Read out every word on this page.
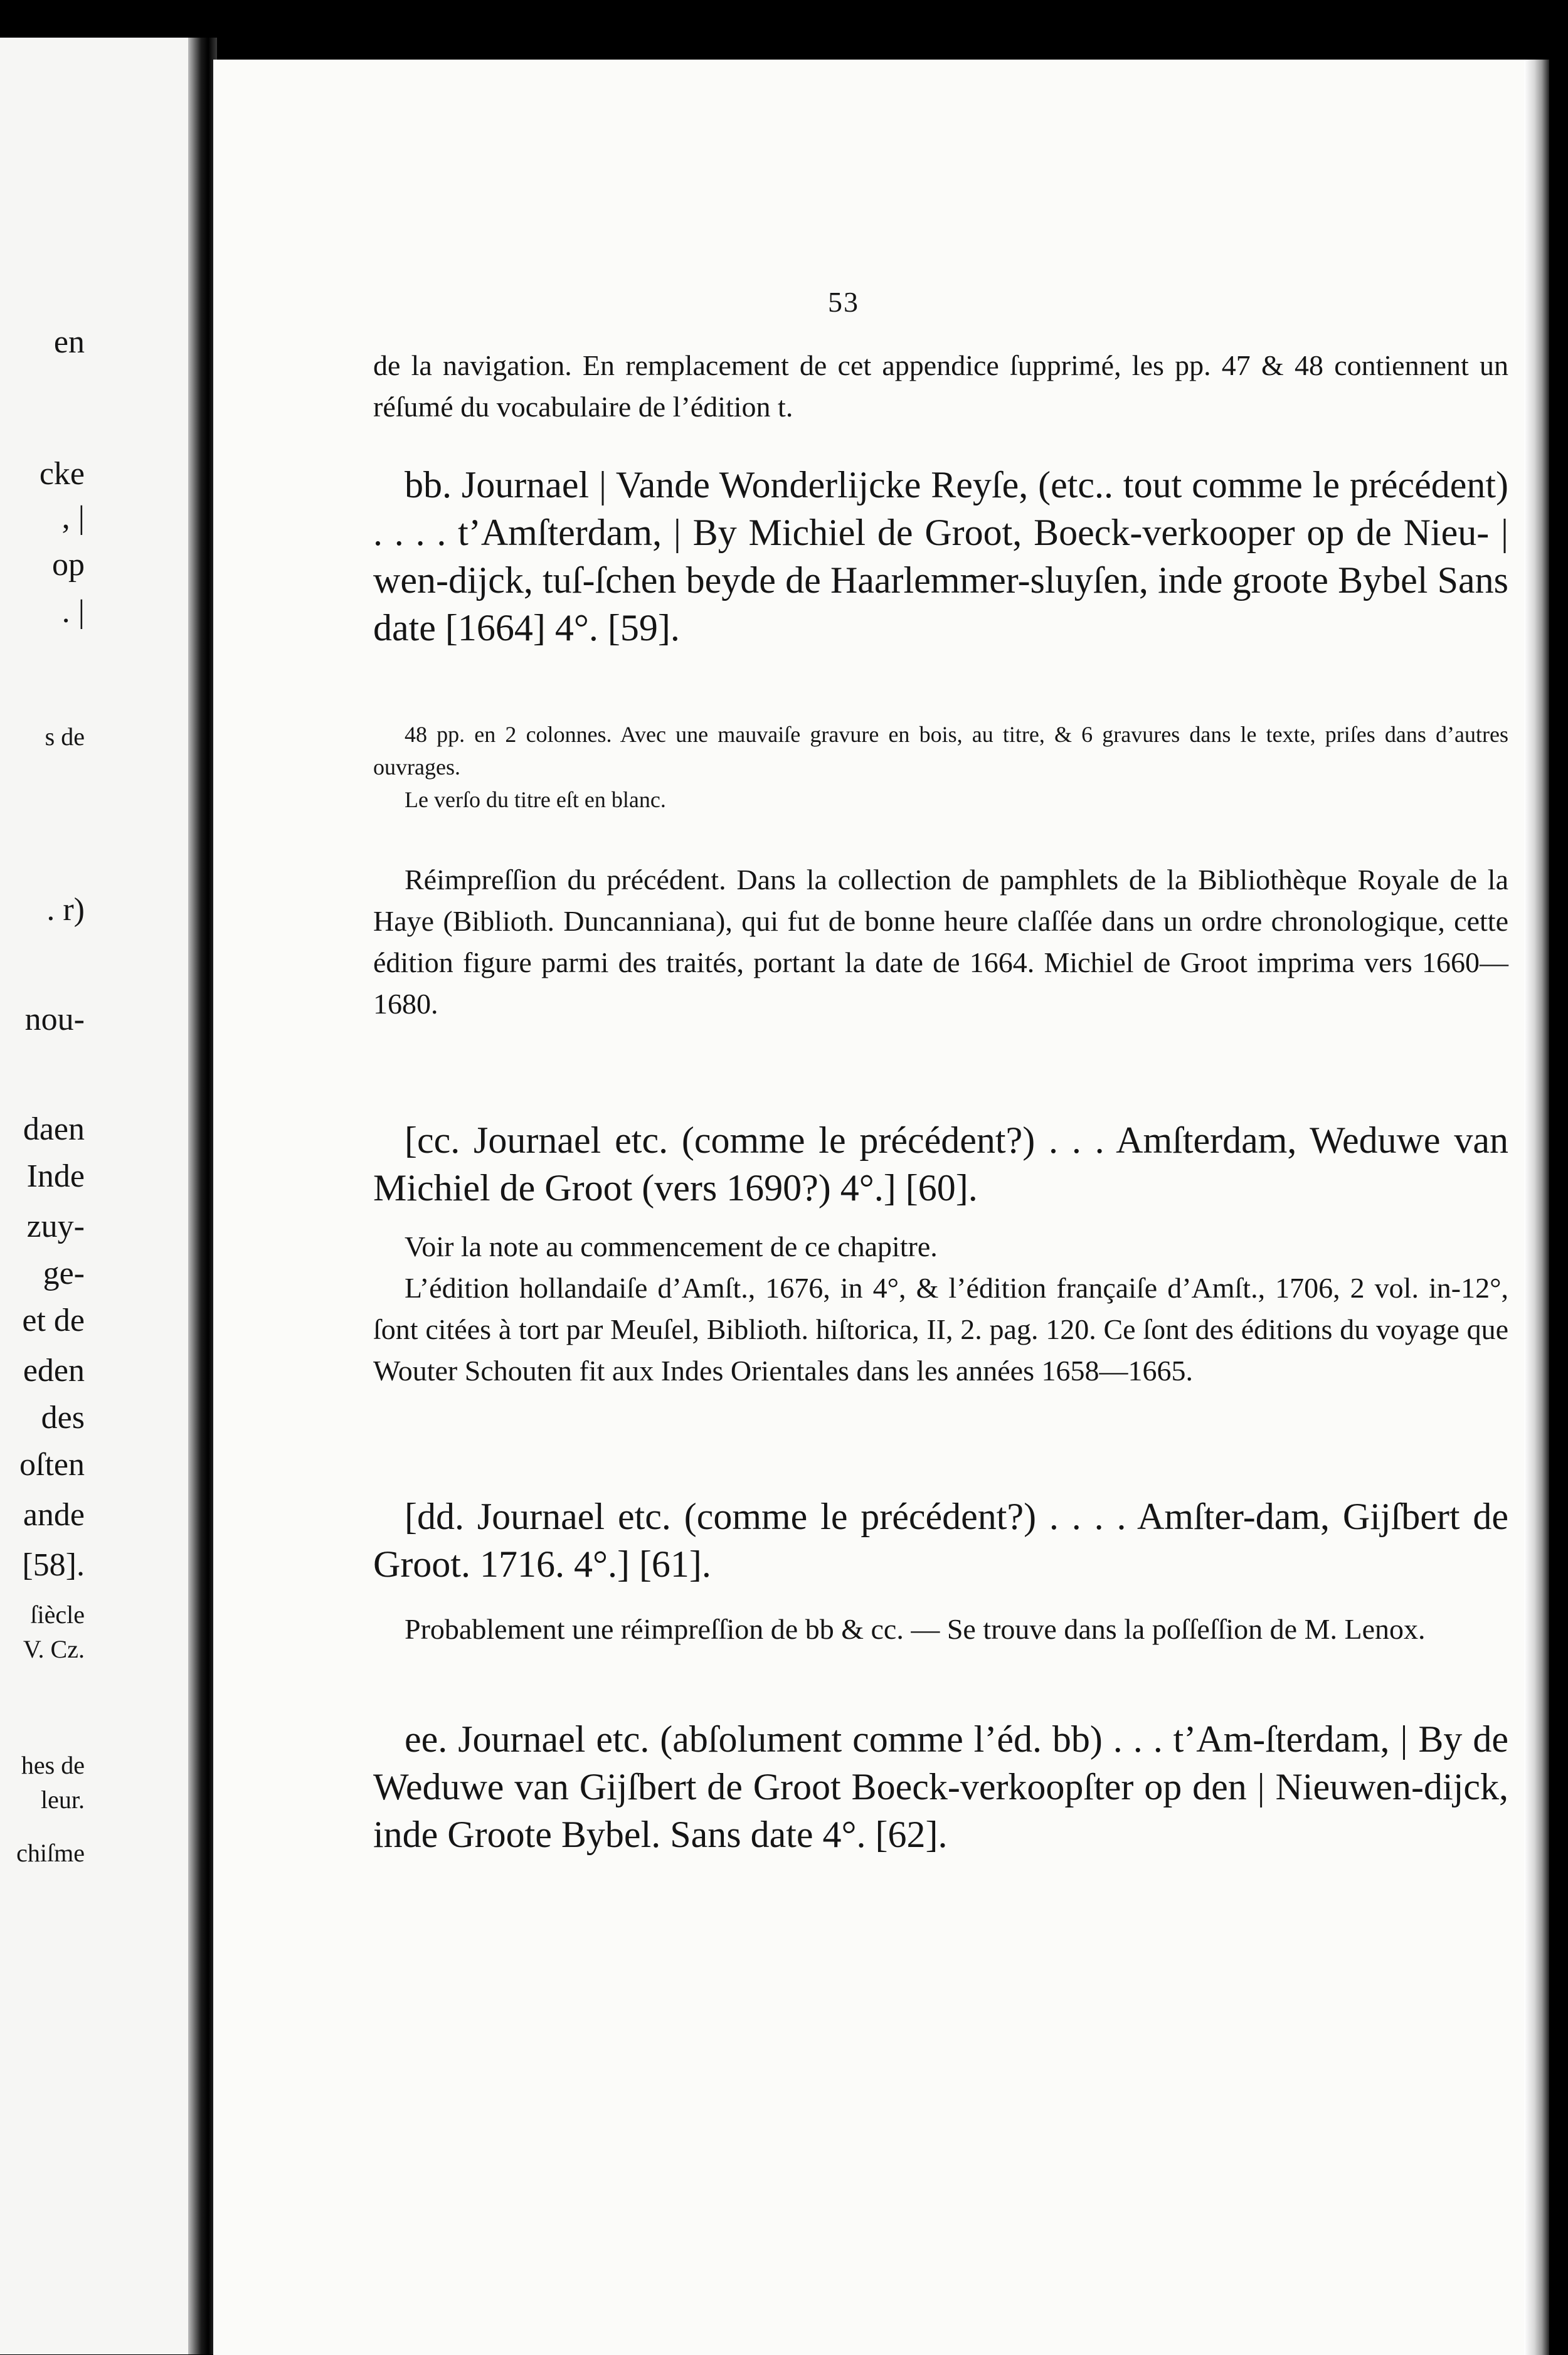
en
cke
, |
op
. |
s de
. r)
nou-
daen
Inde
zuy-
ge-
et de
eden
des
oſten
ande
[58].
ſiècle
V. Cz.
hes de
leur.
chiſme
53

de la navigation. En remplacement de cet appendice ſupprimé, les pp. 47 & 48 contiennent un réſumé du vocabulaire de l’édition t.

bb. Journael | Vande Wonderlijcke Reyſe, (etc.. tout comme le précédent) . . . . t’Amſterdam, | By Michiel de Groot, Boeck-verkooper op de Nieu- | wen-dijck, tuſ-ſchen beyde de Haarlemmer-sluyſen, inde groote Bybel Sans date [1664] 4°. [59].

48 pp. en 2 colonnes. Avec une mauvaiſe gravure en bois, au titre, & 6 gravures dans le texte, priſes dans d’autres ouvrages.

Le verſo du titre eſt en blanc.

Réimpreſſion du précédent. Dans la collection de pamphlets de la Bibliothèque Royale de la Haye (Biblioth. Duncanniana), qui fut de bonne heure claſſée dans un ordre chronologique, cette édition figure parmi des traités, portant la date de 1664. Michiel de Groot imprima vers 1660—1680.

[cc. Journael etc. (comme le précédent?) . . . Amſterdam, Weduwe van Michiel de Groot (vers 1690?) 4°.] [60].

Voir la note au commencement de ce chapitre.

L’édition hollandaiſe d’Amſt., 1676, in 4°, & l’édition françaiſe d’Amſt., 1706, 2 vol. in-12°, ſont citées à tort par Meuſel, Biblioth. hiſtorica, II, 2. pag. 120. Ce ſont des éditions du voyage que Wouter Schouten fit aux Indes Orientales dans les années 1658—1665.

[dd. Journael etc. (comme le précédent?) . . . . Amſter-dam, Gijſbert de Groot. 1716. 4°.] [61].

Probablement une réimpreſſion de bb & cc. — Se trouve dans la poſſeſſion de M. Lenox.

ee. Journael etc. (abſolument comme l’éd. bb) . . . t’Am-ſterdam, | By de Weduwe van Gijſbert de Groot Boeck-verkoopſter op den | Nieuwen-dijck, inde Groote Bybel. Sans date 4°. [62].
